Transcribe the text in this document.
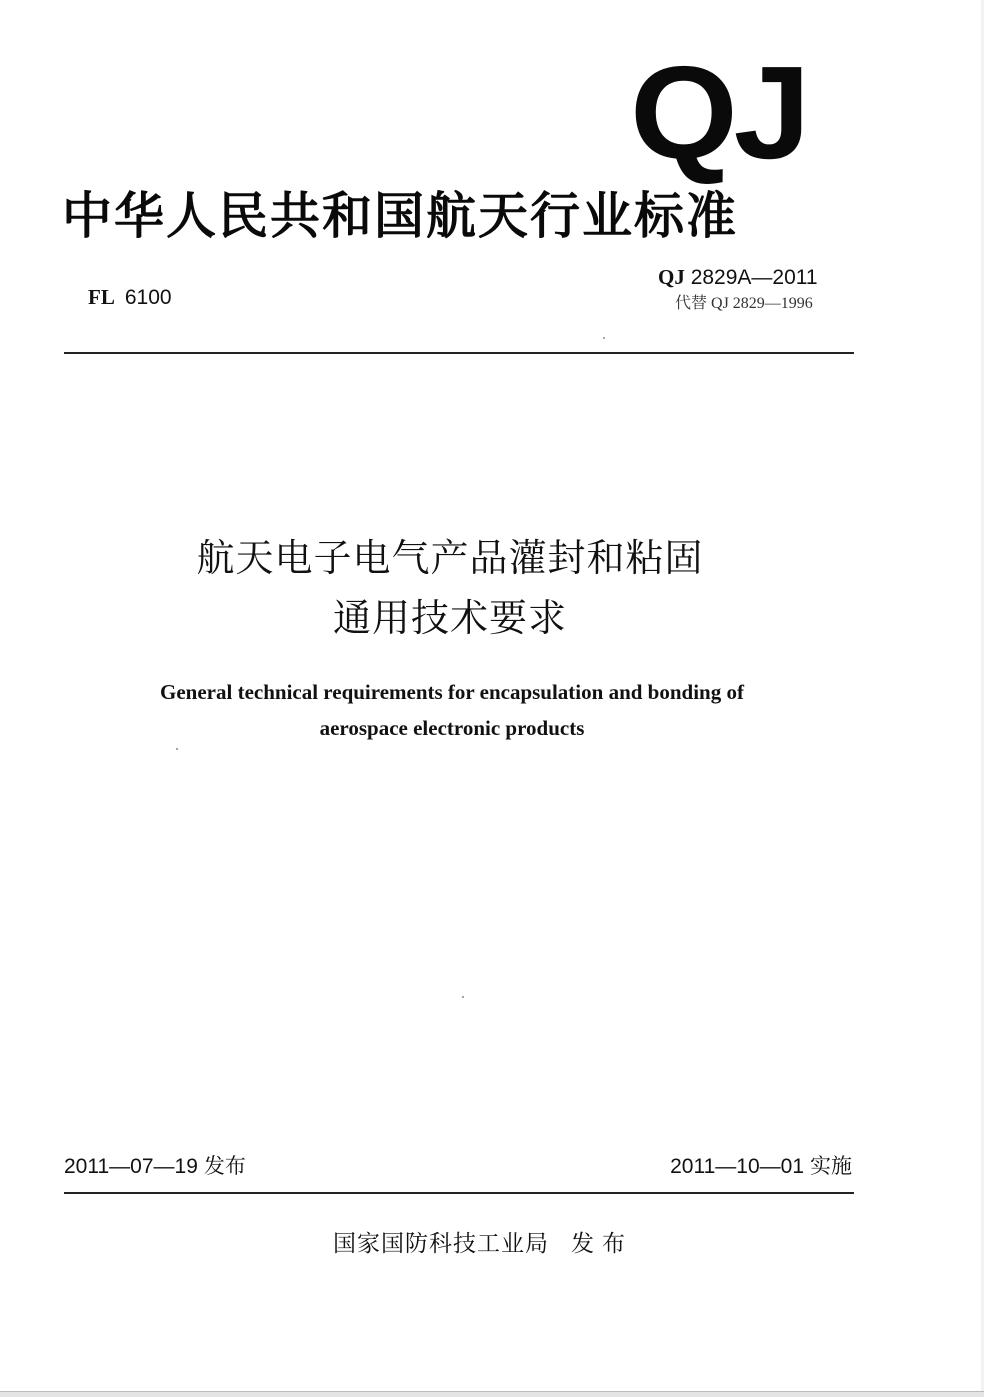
QJ
中华人民共和国航天行业标准
FL 6100
QJ 2829A—2011
代替 QJ 2829—1996
航天电子电气产品灌封和粘固
通用技术要求
General technical requirements for encapsulation and bonding of
aerospace electronic products
2011—07—19 发布	2011—10—01 实施
国家国防科技工业局 发布
